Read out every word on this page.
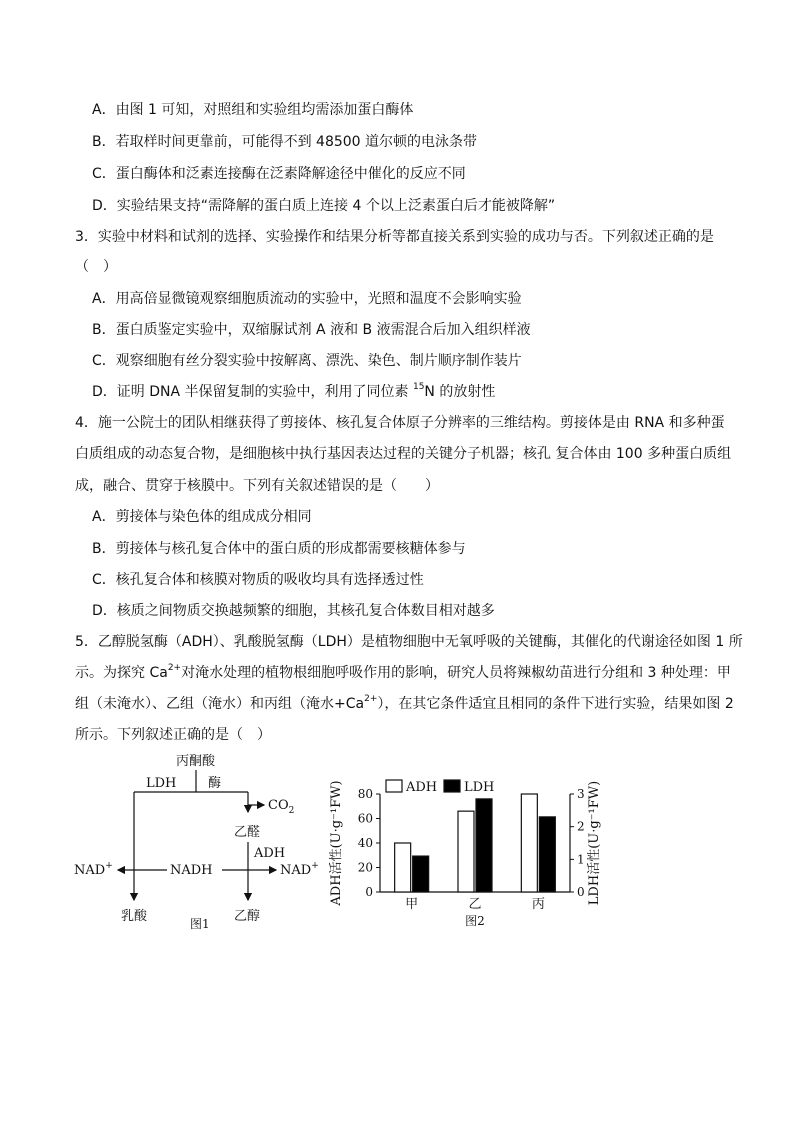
A．由图 1 可知，对照组和实验组均需添加蛋白酶体
B．若取样时间更靠前，可能得不到 48500 道尔顿的电泳条带
C．蛋白酶体和泛素连接酶在泛素降解途径中催化的反应不同
D．实验结果支持“需降解的蛋白质上连接 4 个以上泛素蛋白后才能被降解”
3．实验中材料和试剂的选择、实验操作和结果分析等都直接关系到实验的成功与否。下列叙述正确的是
（　）
A．用高倍显微镜观察细胞质流动的实验中，光照和温度不会影响实验
B．蛋白质鉴定实验中，双缩脲试剂 A 液和 B 液需混合后加入组织样液
C．观察细胞有丝分裂实验中按解离、漂洗、染色、制片顺序制作装片
D．证明 DNA 半保留复制的实验中，利用了同位素 $^{15}$N 的放射性
4．施一公院士的团队相继获得了剪接体、核孔复合体原子分辨率的三维结构。剪接体是由 RNA 和多种蛋
白质组成的动态复合物，是细胞核中执行基因表达过程的关键分子机器；核孔 复合体由 100 多种蛋白质组
成，融合、贯穿于核膜中。下列有关叙述错误的是（　　）
A．剪接体与染色体的组成成分相同
B．剪接体与核孔复合体中的蛋白质的形成都需要核糖体参与
C．核孔复合体和核膜对物质的吸收均具有选择透过性
D．核质之间物质交换越频繁的细胞，其核孔复合体数目相对越多
5．乙醇脱氢酶（ADH）、乳酸脱氢酶（LDH）是植物细胞中无氧呼吸的关键酶，其催化的代谢途径如图 1 所
示。为探究 $Ca^{2+}$对淹水处理的植物根细胞呼吸作用的影响，研究人员将辣椒幼苗进行分组和 3 种处理：甲
组（未淹水）、乙组（淹水）和丙组（淹水$+Ca^{2+}$），在其它条件适宜且相同的条件下进行实验，结果如图 2
所示。下列叙述正确的是（　）
丙酮酸
LDH 酶
$CO_2$
乙醛
ADH
NADH
NAD+	NAD+
乳酸	乙醇
图1
0
20
40
60
80
0
1
2
3
ADH活性(U·g⁻¹FW)	LDH活性(U·g⁻¹FW)
甲	乙	丙
ADH LDH
图2
